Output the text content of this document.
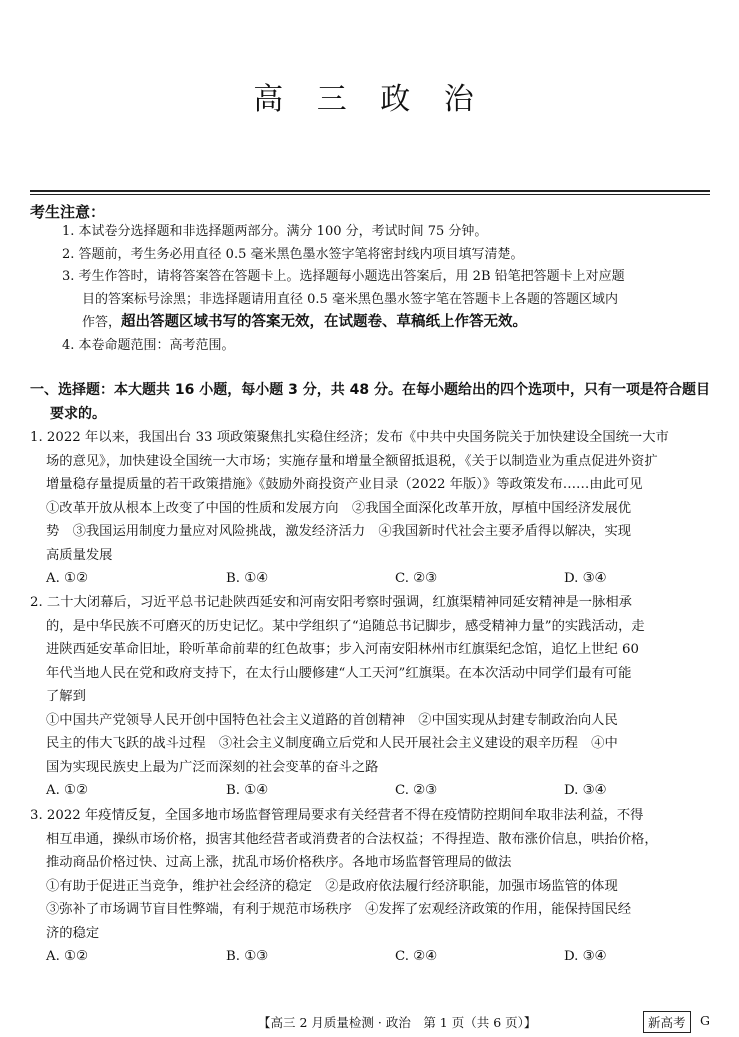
高 三 政 治
考生注意：
1. 本试卷分选择题和非选择题两部分。满分 100 分，考试时间 75 分钟。
2. 答题前，考生务必用直径 0.5 毫米黑色墨水签字笔将密封线内项目填写清楚。
3. 考生作答时，请将答案答在答题卡上。选择题每小题选出答案后，用 2B 铅笔把答题卡上对应题
目的答案标号涂黑；非选择题请用直径 0.5 毫米黑色墨水签字笔在答题卡上各题的答题区域内
作答，超出答题区域书写的答案无效，在试题卷、草稿纸上作答无效。
4. 本卷命题范围：高考范围。
一、选择题：本大题共 16 小题，每小题 3 分，共 48 分。在每小题给出的四个选项中，只有一项是符合题目
要求的。
1. 2022 年以来，我国出台 33 项政策聚焦扎实稳住经济；发布《中共中央国务院关于加快建设全国统一大市
场的意见》，加快建设全国统一大市场；实施存量和增量全额留抵退税，《关于以制造业为重点促进外资扩
增量稳存量提质量的若干政策措施》《鼓励外商投资产业目录（2022 年版）》等政策发布……由此可见
①改革开放从根本上改变了中国的性质和发展方向　②我国全面深化改革开放，厚植中国经济发展优
势　③我国运用制度力量应对风险挑战，激发经济活力　④我国新时代社会主要矛盾得以解决，实现
高质量发展
A. ①②	B. ①④	C. ②③	D. ③④
2. 二十大闭幕后，习近平总书记赴陕西延安和河南安阳考察时强调，红旗渠精神同延安精神是一脉相承
的，是中华民族不可磨灭的历史记忆。某中学组织了“追随总书记脚步，感受精神力量”的实践活动，走
进陕西延安革命旧址，聆听革命前辈的红色故事；步入河南安阳林州市红旗渠纪念馆，追忆上世纪 60
年代当地人民在党和政府支持下，在太行山腰修建“人工天河”红旗渠。在本次活动中同学们最有可能
了解到
①中国共产党领导人民开创中国特色社会主义道路的首创精神　②中国实现从封建专制政治向人民
民主的伟大飞跃的战斗过程　③社会主义制度确立后党和人民开展社会主义建设的艰辛历程　④中
国为实现民族史上最为广泛而深刻的社会变革的奋斗之路
A. ①②	B. ①④	C. ②③	D. ③④
3. 2022 年疫情反复，全国多地市场监督管理局要求有关经营者不得在疫情防控期间牟取非法利益，不得
相互串通，操纵市场价格，损害其他经营者或消费者的合法权益；不得捏造、散布涨价信息，哄抬价格，
推动商品价格过快、过高上涨，扰乱市场价格秩序。各地市场监督管理局的做法
①有助于促进正当竞争，维护社会经济的稳定　②是政府依法履行经济职能，加强市场监管的体现
③弥补了市场调节盲目性弊端，有利于规范市场秩序　④发挥了宏观经济政策的作用，能保持国民经
济的稳定
A. ①②	B. ①③	C. ②④	D. ③④
【高三 2 月质量检测 · 政治　第 1 页（共 6 页）】	新高考	G
